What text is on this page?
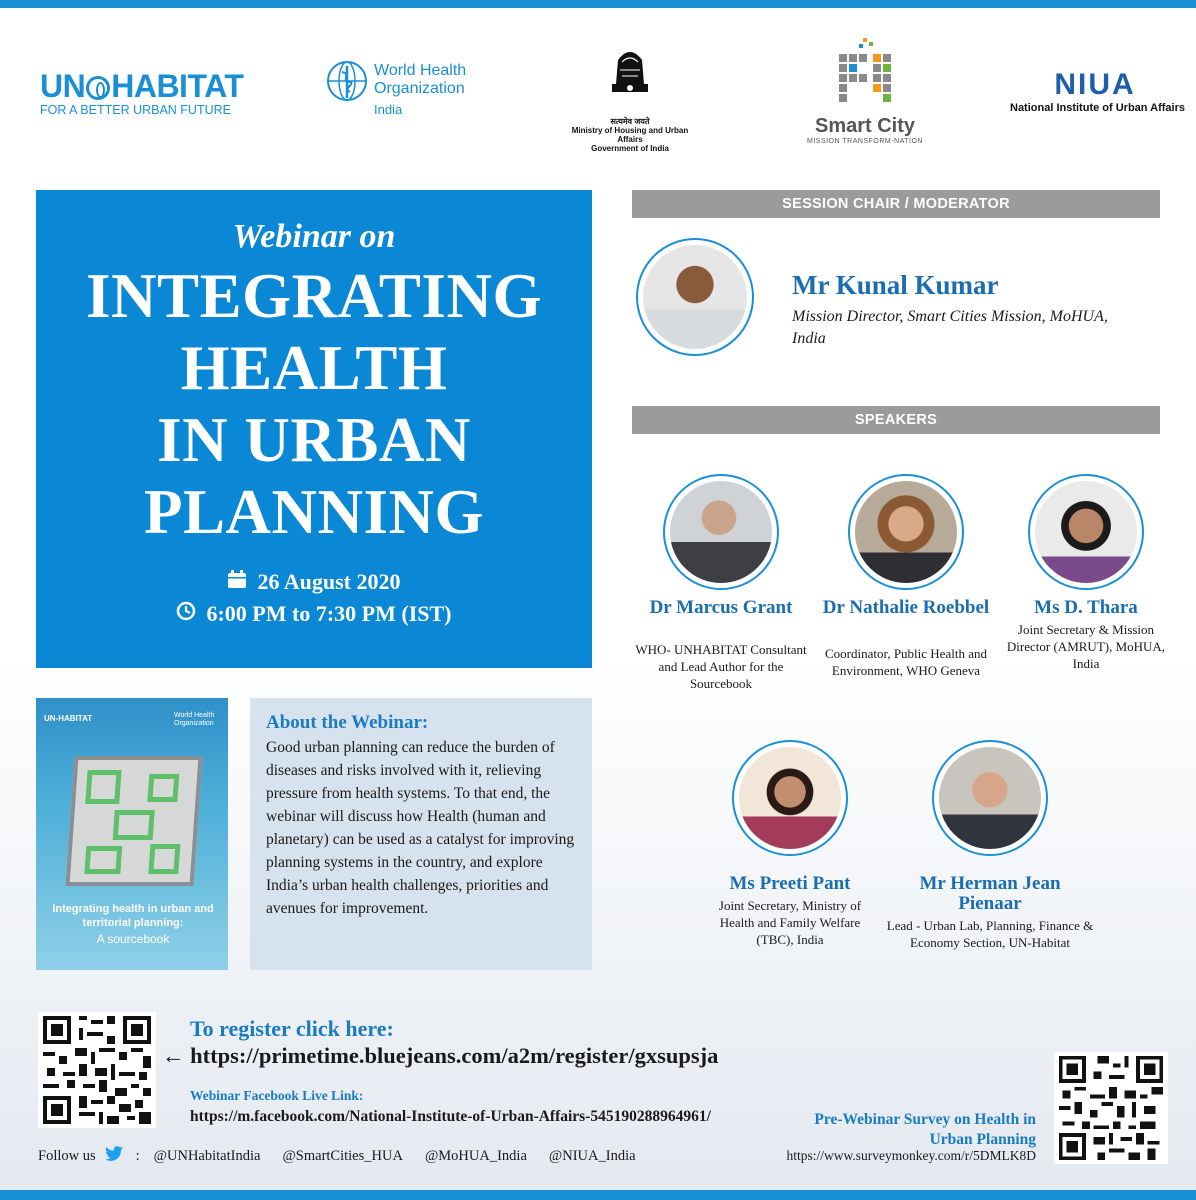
UN HABITAT
FOR A BETTER URBAN FUTURE
World Health
Organization
India
सत्यमेव जयते
Ministry of Housing and Urban Affairs
Government of India
Smart City
MISSION TRANSFORM-NATION
NIUA
National Institute of Urban Affairs
Webinar on
INTEGRATING
HEALTH
IN URBAN
PLANNING
26 August 2020
6:00 PM to 7:30 PM (IST)
UN-HABITAT	World Health Organization
Integrating health in urban and territorial planning:
A sourcebook
About the Webinar:
Good urban planning can reduce the burden of diseases and risks involved with it, relieving pressure from health systems. To that end, the webinar will discuss how Health (human and planetary) can be used as a catalyst for improving planning systems in the country, and explore India’s urban health challenges, priorities and avenues for improvement.
SESSION CHAIR / MODERATOR
Mr Kunal Kumar
Mission Director, Smart Cities Mission, MoHUA, India
SPEAKERS
Dr Marcus Grant
WHO- UNHABITAT Consultant and Lead Author for the Sourcebook
Dr Nathalie Roebbel
Coordinator, Public Health and Environment, WHO Geneva
Ms D. Thara
Joint Secretary & Mission Director (AMRUT), MoHUA, India
Ms Preeti Pant
Joint Secretary, Ministry of Health and Family Welfare (TBC), India
Mr Herman Jean Pienaar
Lead - Urban Lab, Planning, Finance & Economy Section, UN-Habitat
To register click here:
← https://primetime.bluejeans.com/a2m/register/gxsupsja
Webinar Facebook Live Link:
https://m.facebook.com/National-Institute-of-Urban-Affairs-545190288964961/
Follow us	: @UNHabitatIndia @SmartCities_HUA @MoHUA_India @NIUA_India
Pre-Webinar Survey on Health in Urban Planning
https://www.surveymonkey.com/r/5DMLK8D
